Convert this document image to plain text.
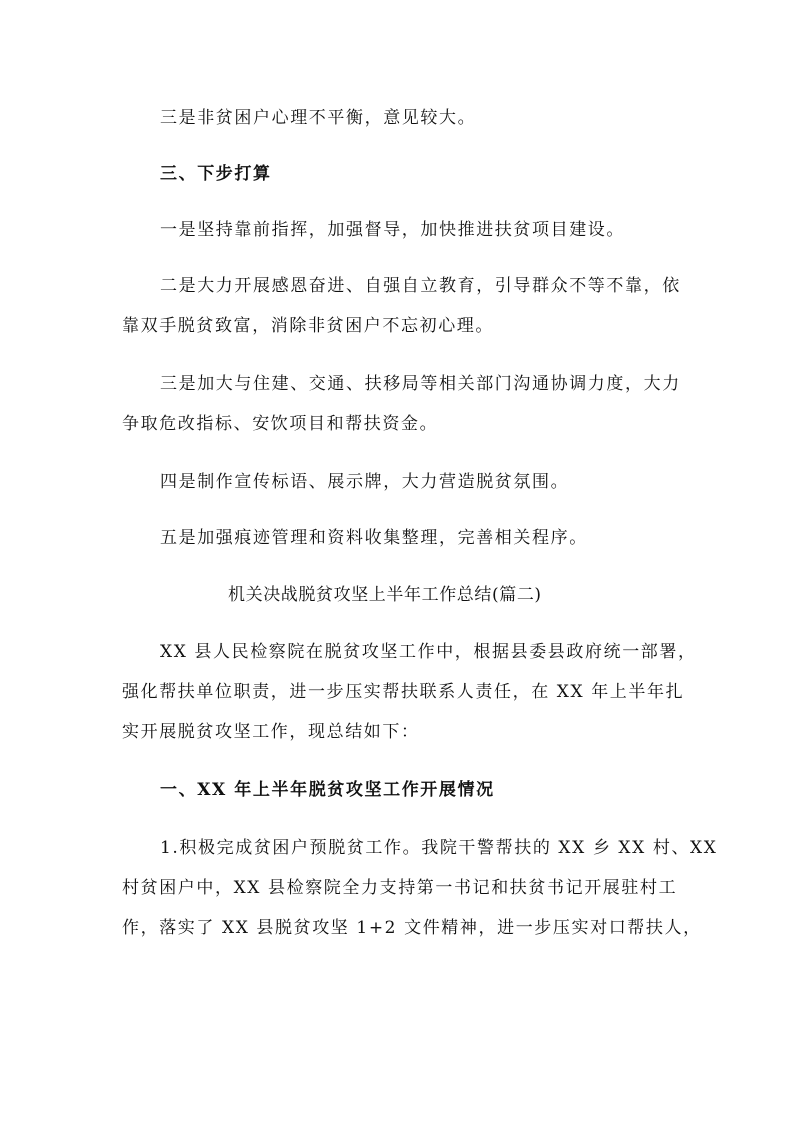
三是非贫困户心理不平衡，意见较大。
三、下步打算
一是坚持靠前指挥，加强督导，加快推进扶贫项目建设。
二是大力开展感恩奋进、自强自立教育，引导群众不等不靠，依
靠双手脱贫致富，消除非贫困户不忘初心理。
三是加大与住建、交通、扶移局等相关部门沟通协调力度，大力
争取危改指标、安饮项目和帮扶资金。
四是制作宣传标语、展示牌，大力营造脱贫氛围。
五是加强痕迹管理和资料收集整理，完善相关程序。
机关决战脱贫攻坚上半年工作总结(篇二)
XX 县人民检察院在脱贫攻坚工作中，根据县委县政府统一部署，
强化帮扶单位职责，进一步压实帮扶联系人责任，在 XX 年上半年扎
实开展脱贫攻坚工作，现总结如下：
一、XX 年上半年脱贫攻坚工作开展情况
1.积极完成贫困户预脱贫工作。我院干警帮扶的 XX 乡 XX 村、XX
村贫困户中，XX 县检察院全力支持第一书记和扶贫书记开展驻村工
作，落实了 XX 县脱贫攻坚 1+2 文件精神，进一步压实对口帮扶人，
